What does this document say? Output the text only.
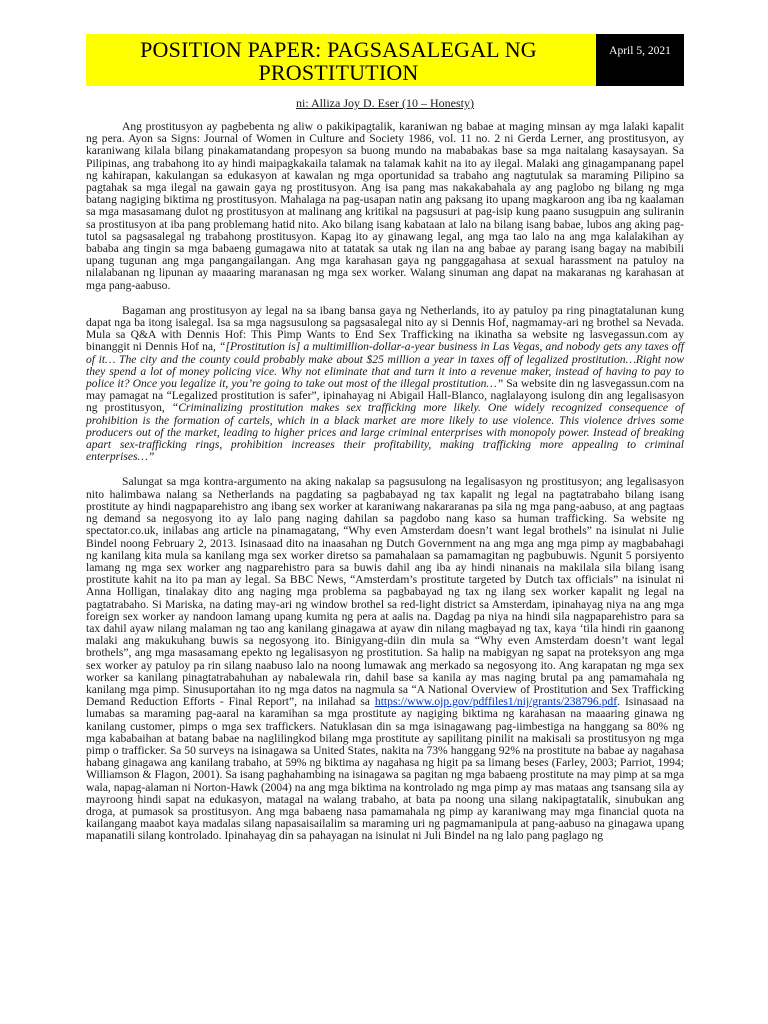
POSITION PAPER: PAGSASALEGAL NG PROSTITUTION
April 5, 2021
ni: Alliza Joy D. Eser (10 – Honesty)

Ang prostitusyon ay pagbebenta ng aliw o pakikipagtalik, karaniwan ng babae at maging minsan ay mga lalaki kapalit ng pera. Ayon sa Signs: Journal of Women in Culture and Society 1986, vol. 11 no. 2 ni Gerda Lerner, ang prostitusyon, ay karaniwang kilala bilang pinakamatandang propesyon sa buong mundo na mababakas base sa mga naitalang kasaysayan. Sa Pilipinas, ang trabahong ito ay hindi maipagkakaila talamak na talamak kahit na ito ay ilegal. Malaki ang ginagampanang papel ng kahirapan, kakulangan sa edukasyon at kawalan ng mga oportunidad sa trabaho ang nagtutulak sa maraming Pilipino sa pagtahak sa mga ilegal na gawain gaya ng prostitusyon. Ang isa pang mas nakakabahala ay ang paglobo ng bilang ng mga batang nagiging biktima ng prostitusyon. Mahalaga na pag-usapan natin ang paksang ito upang magkaroon ang iba ng kaalaman sa mga masasamang dulot ng prostitusyon at malinang ang kritikal na pagsusuri at pag-isip kung paano susugpuin ang suliranin sa prostitusyon at iba pang problemang hatid nito. Ako bilang isang kabataan at lalo na bilang isang babae, lubos ang aking pag-tutol sa pagsasalegal ng trabahong prostitusyon. Kapag ito ay ginawang legal, ang mga tao lalo na ang mga kalalakihan ay bababa ang tingin sa mga babaeng gumagawa nito at tatatak sa utak ng ilan na ang babae ay parang isang bagay na mabibili upang tugunan ang mga pangangailangan. Ang mga karahasan gaya ng panggagahasa at sexual harassment na patuloy na nilalabanan ng lipunan ay maaaring maranasan ng mga sex worker. Walang sinuman ang dapat na makaranas ng karahasan at mga pang-aabuso.

Bagaman ang prostitusyon ay legal na sa ibang bansa gaya ng Netherlands, ito ay patuloy pa ring pinagtatalunan kung dapat nga ba itong isalegal. Isa sa mga nagsusulong sa pagsasalegal nito ay si Dennis Hof, nagmamay-ari ng brothel sa Nevada. Mula sa Q&A with Dennis Hof: This Pimp Wants to End Sex Trafficking na ikinatha sa website ng lasvegassun.com ay binanggit ni Dennis Hof na, “[Prostitution is] a multimillion-dollar-a-year business in Las Vegas, and nobody gets any taxes off of it… The city and the county could probably make about $25 million a year in taxes off of legalized prostitution…Right now they spend a lot of money policing vice. Why not eliminate that and turn it into a revenue maker, instead of having to pay to police it? Once you legalize it, you’re going to take out most of the illegal prostitution…” Sa website din ng lasvegassun.com na may pamagat na “Legalized prostitution is safer”, ipinahayag ni Abigail Hall-Blanco, naglalayong isulong din ang legalisasyon ng prostitusyon, “Criminalizing prostitution makes sex trafficking more likely. One widely recognized consequence of prohibition is the formation of cartels, which in a black market are more likely to use violence. This violence drives some producers out of the market, leading to higher prices and large criminal enterprises with monopoly power. Instead of breaking apart sex-trafficking rings, prohibition increases their profitability, making trafficking more appealing to criminal enterprises…”

Salungat sa mga kontra-argumento na aking nakalap sa pagsusulong na legalisasyon ng prostitusyon; ang legalisasyon nito halimbawa nalang sa Netherlands na pagdating sa pagbabayad ng tax kapalit ng legal na pagtatrabaho bilang isang prostitute ay hindi nagpaparehistro ang ibang sex worker at karaniwang nakararanas pa sila ng mga pang-aabuso, at ang pagtaas ng demand sa negosyong ito ay lalo pang naging dahilan sa pagdobo nang kaso sa human trafficking. Sa website ng spectator.co.uk, inilabas ang article na pinamagatang, “Why even Amsterdam doesn’t want legal brothels” na isinulat ni Julie Bindel noong February 2, 2013. Isinasaad dito na inaasahan ng Dutch Government na ang mga ang mga pimp ay magbabahagi ng kanilang kita mula sa kanilang mga sex worker diretso sa pamahalaan sa pamamagitan ng pagbubuwis. Ngunit 5 porsiyento lamang ng mga sex worker ang nagparehistro para sa buwis dahil ang iba ay hindi ninanais na makilala sila bilang isang prostitute kahit na ito pa man ay legal. Sa BBC News, “Amsterdam’s prostitute targeted by Dutch tax officials” na isinulat ni Anna Holligan, tinalakay dito ang naging mga problema sa pagbabayad ng tax ng ilang sex worker kapalit ng legal na pagtatrabaho. Si Mariska, na dating may-ari ng window brothel sa red-light district sa Amsterdam, ipinahayag niya na ang mga foreign sex worker ay nandoon lamang upang kumita ng pera at aalis na. Dagdag pa niya na hindi sila nagpaparehistro para sa tax dahil ayaw nilang malaman ng tao ang kanilang ginagawa at ayaw din nilang magbayad ng tax, kaya ‘tila hindi rin gaanong malaki ang makukuhang buwis sa negosyong ito. Binigyang-diin din mula sa “Why even Amsterdam doesn’t want legal brothels”, ang mga masasamang epekto ng legalisasyon ng prostitution. Sa halip na mabigyan ng sapat na proteksyon ang mga sex worker ay patuloy pa rin silang naabuso lalo na noong lumawak ang merkado sa negosyong ito. Ang karapatan ng mga sex worker sa kanilang pinagtatrabahuhan ay nabalewala rin, dahil base sa kanila ay mas naging brutal pa ang pamamahala ng kanilang mga pimp. Sinusuportahan ito ng mga datos na nagmula sa “A National Overview of Prostitution and Sex Trafficking Demand Reduction Efforts - Final Report”, na inilahad sa https://www.ojp.gov/pdffiles1/nij/grants/238796.pdf. Isinasaad na lumabas sa maraming pag-aaral na karamihan sa mga prostitute ay nagiging biktima ng karahasan na maaaring ginawa ng kanilang customer, pimps o mga sex traffickers. Natuklasan din sa mga isinagawang pag-iimbestiga na hanggang sa 80% ng mga kababaihan at batang babae na naglilingkod bilang mga prostitute ay sapilitang pinilit na makisali sa prostitusyon ng mga pimp o trafficker. Sa 50 surveys na isinagawa sa United States, nakita na 73% hanggang 92% na prostitute na babae ay nagahasa habang ginagawa ang kanilang trabaho, at 59% ng biktima ay nagahasa ng higit pa sa limang beses (Farley, 2003; Parriot, 1994; Williamson & Flagon, 2001). Sa isang paghahambing na isinagawa sa pagitan ng mga babaeng prostitute na may pimp at sa mga wala, napag-alaman ni Norton-Hawk (2004) na ang mga biktima na kontrolado ng mga pimp ay mas mataas ang tsansang sila ay mayroong hindi sapat na edukasyon, matagal na walang trabaho, at bata pa noong una silang nakipagtatalik, sinubukan ang droga, at pumasok sa prostitusyon. Ang mga babaeng nasa pamamahala ng pimp ay karaniwang may mga financial quota na kailangang maabot kaya madalas silang napasaisailalim sa maraming uri ng pagmamanipula at pang-aabuso na ginagawa upang mapanatili silang kontrolado. Ipinahayag din sa pahayagan na isinulat ni Juli Bindel na ng lalo pang paglago ng
